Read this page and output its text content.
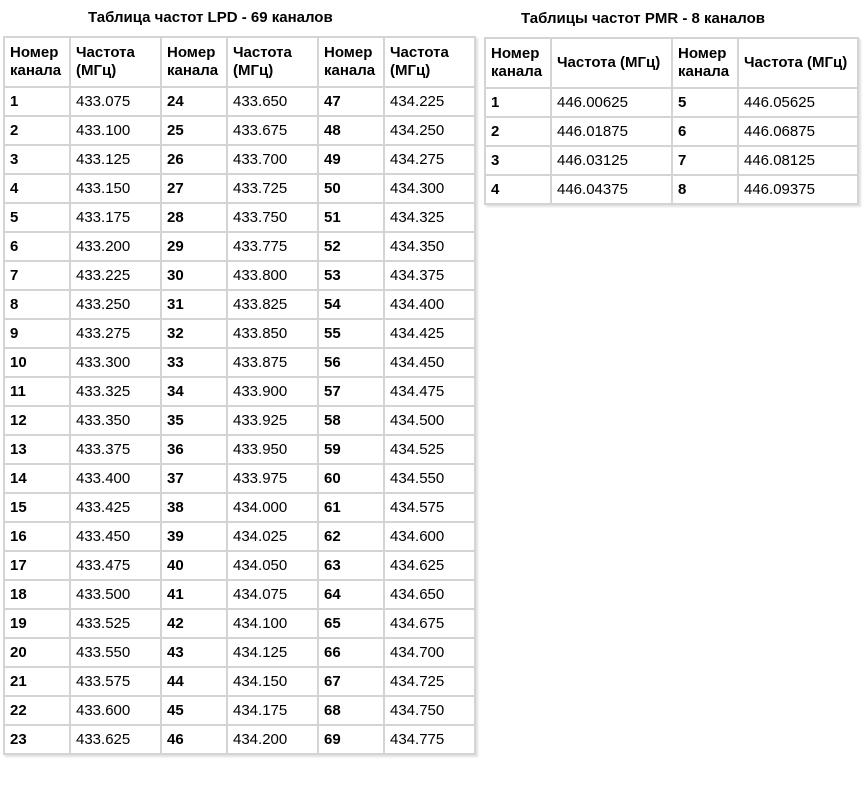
Таблица частот LPD - 69 каналов	Таблицы частот PMR - 8 каналов
Номер канала	Частота (МГц)	Номер канала	Частота (МГц)	Номер канала	Частота (МГц)
1	433.075	24	433.650	47	434.225
2	433.100	25	433.675	48	434.250
3	433.125	26	433.700	49	434.275
4	433.150	27	433.725	50	434.300
5	433.175	28	433.750	51	434.325
6	433.200	29	433.775	52	434.350
7	433.225	30	433.800	53	434.375
8	433.250	31	433.825	54	434.400
9	433.275	32	433.850	55	434.425
10	433.300	33	433.875	56	434.450
11	433.325	34	433.900	57	434.475
12	433.350	35	433.925	58	434.500
13	433.375	36	433.950	59	434.525
14	433.400	37	433.975	60	434.550
15	433.425	38	434.000	61	434.575
16	433.450	39	434.025	62	434.600
17	433.475	40	434.050	63	434.625
18	433.500	41	434.075	64	434.650
19	433.525	42	434.100	65	434.675
20	433.550	43	434.125	66	434.700
21	433.575	44	434.150	67	434.725
22	433.600	45	434.175	68	434.750
23	433.625	46	434.200	69	434.775
Номер канала	Частота (МГц)	Номер канала	Частота (МГц)
1	446.00625	5	446.05625
2	446.01875	6	446.06875
3	446.03125	7	446.08125
4	446.04375	8	446.09375
